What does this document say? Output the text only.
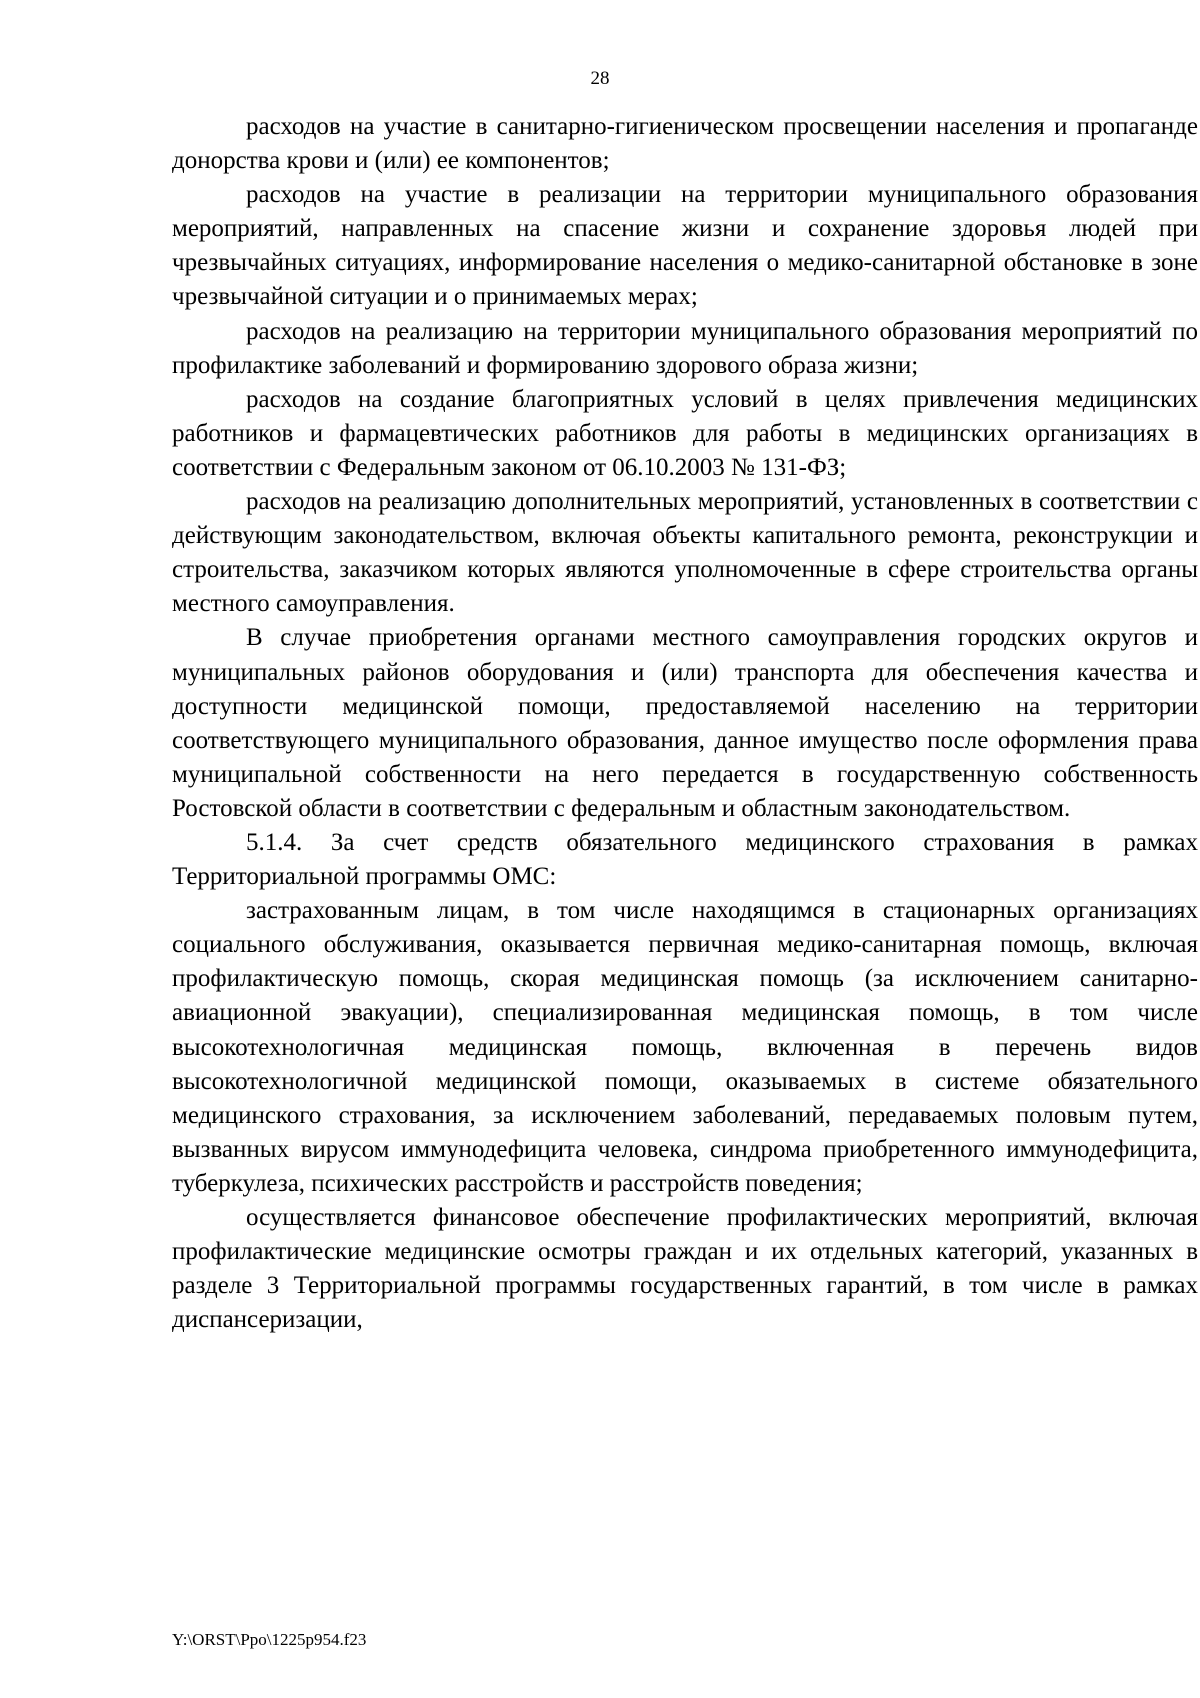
28

расходов на участие в санитарно-гигиеническом просвещении населения и пропаганде донорства крови и (или) ее компонентов;

расходов на участие в реализации на территории муниципального образования мероприятий, направленных на спасение жизни и сохранение здоровья людей при чрезвычайных ситуациях, информирование населения о медико-санитарной обстановке в зоне чрезвычайной ситуации и о принимаемых мерах;

расходов на реализацию на территории муниципального образования мероприятий по профилактике заболеваний и формированию здорового образа жизни;

расходов на создание благоприятных условий в целях привлечения медицинских работников и фармацевтических работников для работы в медицинских организациях в соответствии с Федеральным законом от 06.10.2003 № 131-ФЗ;

расходов на реализацию дополнительных мероприятий, установленных в соответствии с действующим законодательством, включая объекты капитального ремонта, реконструкции и строительства, заказчиком которых являются уполномоченные в сфере строительства органы местного самоуправления.

В случае приобретения органами местного самоуправления городских округов и муниципальных районов оборудования и (или) транспорта для обеспечения качества и доступности медицинской помощи, предоставляемой населению на территории соответствующего муниципального образования, данное имущество после оформления права муниципальной собственности на него передается в государственную собственность Ростовской области в соответствии с федеральным и областным законодательством.

5.1.4. За счет средств обязательного медицинского страхования в рамках Территориальной программы ОМС:

застрахованным лицам, в том числе находящимся в стационарных организациях социального обслуживания, оказывается первичная медико-санитарная помощь, включая профилактическую помощь, скорая медицинская помощь (за исключением санитарно-авиационной эвакуации), специализированная медицинская помощь, в том числе высокотехнологичная медицинская помощь, включенная в перечень видов высокотехнологичной медицинской помощи, оказываемых в системе обязательного медицинского страхования, за исключением заболеваний, передаваемых половым путем, вызванных вирусом иммунодефицита человека, синдрома приобретенного иммунодефицита, туберкулеза, психических расстройств и расстройств поведения;

осуществляется финансовое обеспечение профилактических мероприятий, включая профилактические медицинские осмотры граждан и их отдельных категорий, указанных в разделе 3 Территориальной программы государственных гарантий, в том числе в рамках диспансеризации,

Y:\ORST\Ppo\1225p954.f23
